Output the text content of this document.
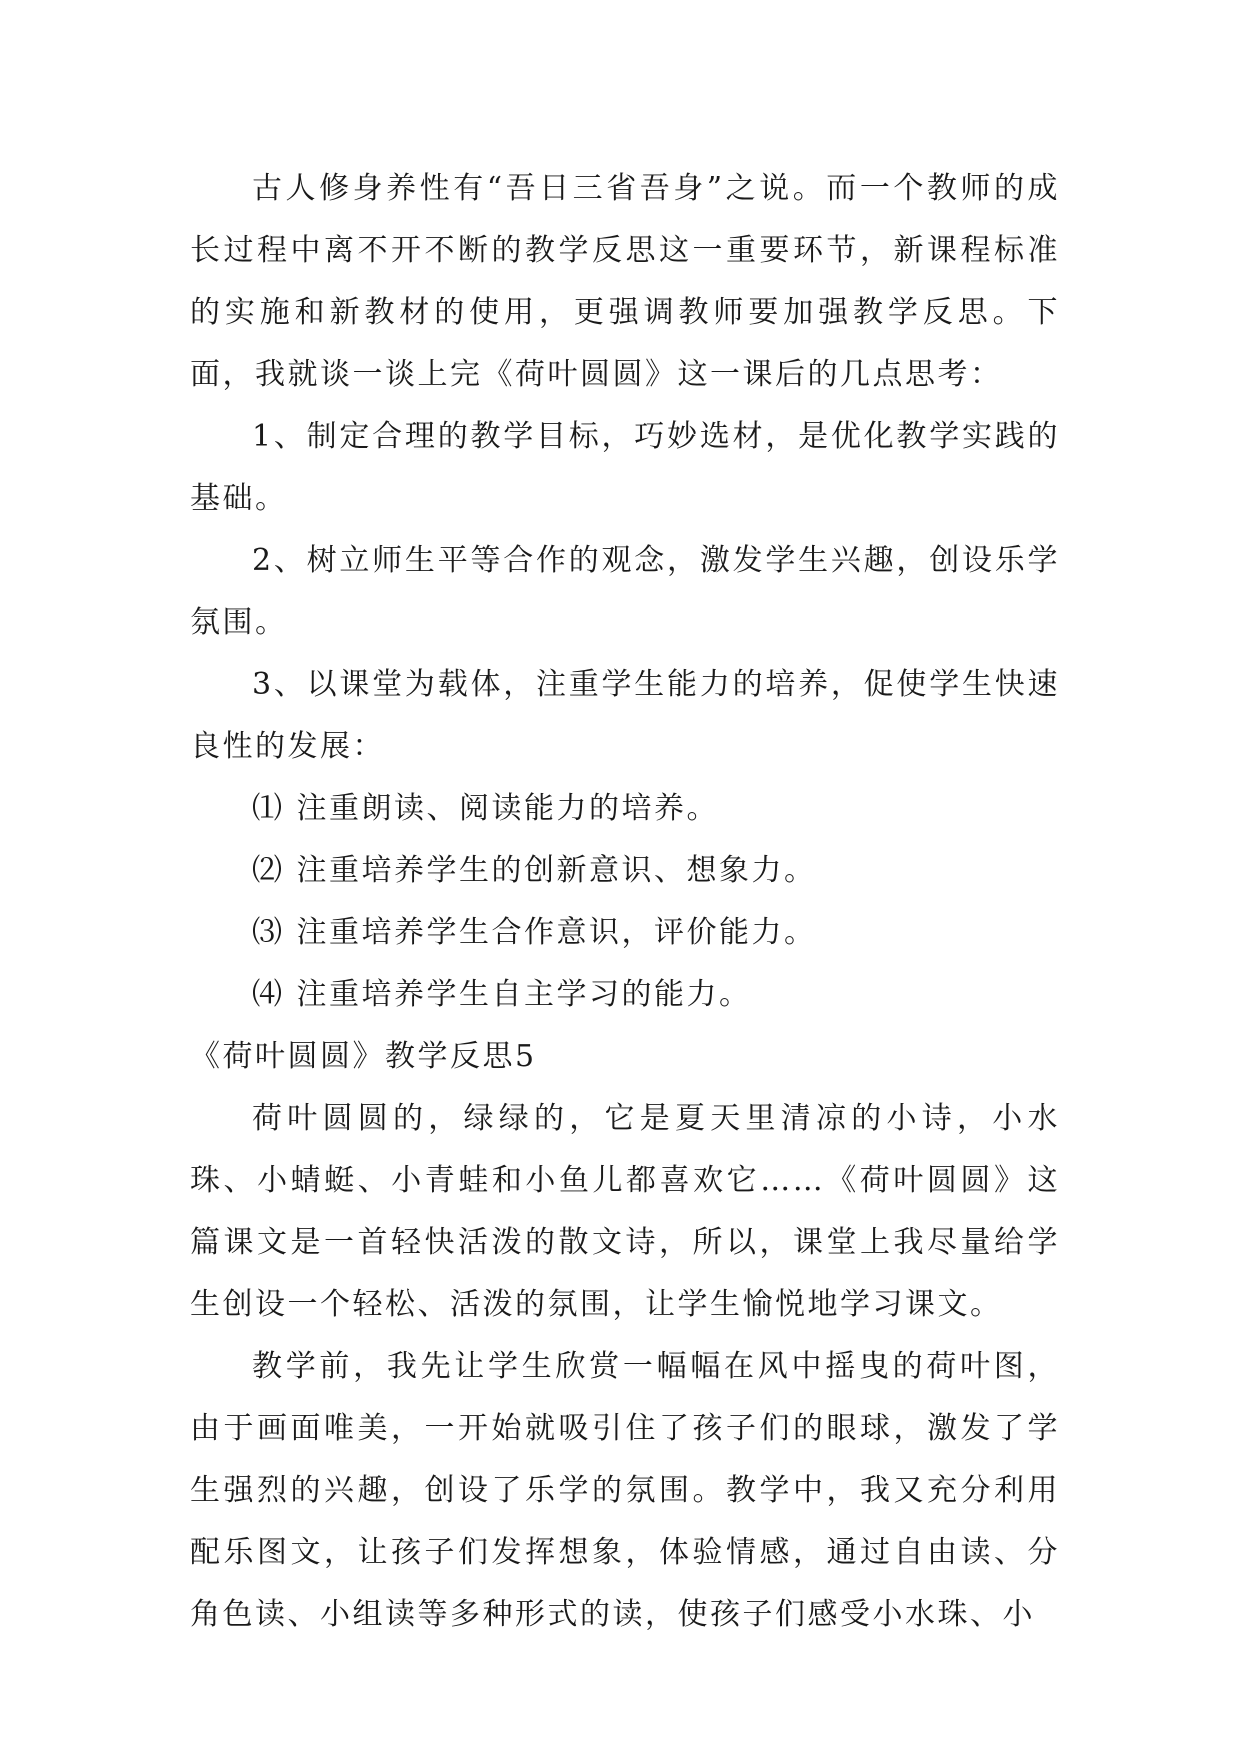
古人修身养性有“吾日三省吾身”之说。而一个教师的成长过程中离不开不断的教学反思这一重要环节，新课程标准的实施和新教材的使用，更强调教师要加强教学反思。下面，我就谈一谈上完《荷叶圆圆》这一课后的几点思考：

1、制定合理的教学目标，巧妙选材，是优化教学实践的基础。

2、树立师生平等合作的观念，激发学生兴趣，创设乐学氛围。

3、以课堂为载体，注重学生能力的培养，促使学生快速良性的发展：

⑴ 注重朗读、阅读能力的培养。

⑵ 注重培养学生的创新意识、想象力。

⑶ 注重培养学生合作意识，评价能力。

⑷ 注重培养学生自主学习的能力。

《荷叶圆圆》教学反思5

荷叶圆圆的，绿绿的，它是夏天里清凉的小诗，小水珠、小蜻蜓、小青蛙和小鱼儿都喜欢它……《荷叶圆圆》这篇课文是一首轻快活泼的散文诗，所以，课堂上我尽量给学生创设一个轻松、活泼的氛围，让学生愉悦地学习课文。

教学前，我先让学生欣赏一幅幅在风中摇曳的荷叶图，由于画面唯美，一开始就吸引住了孩子们的眼球，激发了学生强烈的兴趣，创设了乐学的氛围。教学中，我又充分利用配乐图文，让孩子们发挥想象，体验情感，通过自由读、分角色读、小组读等多种形式的读，使孩子们感受小水珠、小
